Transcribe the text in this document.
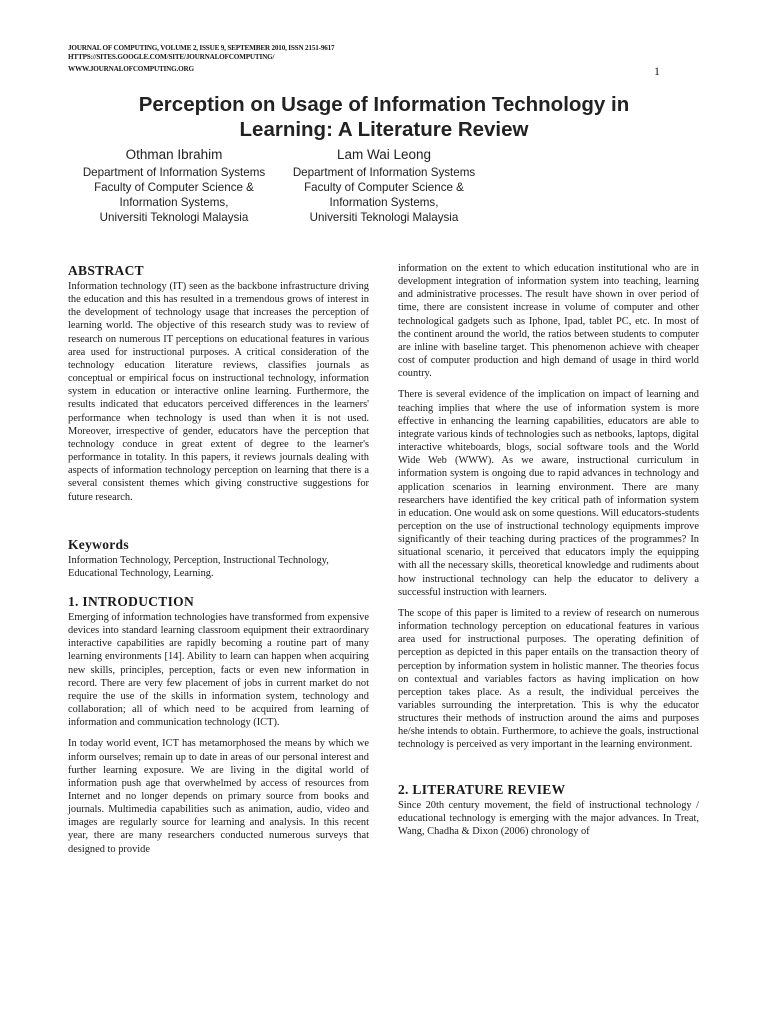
JOURNAL OF COMPUTING, VOLUME 2, ISSUE 9, SEPTEMBER 2010, ISSN 2151-9617
HTTPS://SITES.GOOGLE.COM/SITE/JOURNALOFCOMPUTING/
WWW.JOURNALOFCOMPUTING.ORG	1
Perception on Usage of Information Technology in
Learning: A Literature Review
Othman Ibrahim
Department of Information Systems
Faculty of Computer Science &
Information Systems,
Universiti Teknologi Malaysia
Lam Wai Leong
Department of Information Systems
Faculty of Computer Science &
Information Systems,
Universiti Teknologi Malaysia
ABSTRACT

Information technology (IT) seen as the backbone infrastructure driving the education and this has resulted in a tremendous grows of interest in the development of technology usage that increases the perception of learning world. The objective of this research study was to review of research on numerous IT perceptions on educational features in various area used for instructional purposes. A critical consideration of the technology education literature reviews, classifies journals as conceptual or empirical focus on instructional technology, information system in education or interactive online learning. Furthermore, the results indicated that educators perceived differences in the learners' performance when technology is used than when it is not used. Moreover, irrespective of gender, educators have the perception that technology conduce in great extent of degree to the learner's performance in totality. In this papers, it reviews journals dealing with aspects of information technology perception on learning that there is a several consistent themes which giving constructive suggestions for future research.

Keywords

Information Technology, Perception, Instructional Technology, Educational Technology, Learning.

1. INTRODUCTION

Emerging of information technologies have transformed from expensive devices into standard learning classroom equipment their extraordinary interactive capabilities are rapidly becoming a routine part of many learning environments [14]. Ability to learn can happen when acquiring new skills, principles, perception, facts or even new information in record. There are very few placement of jobs in current market do not require the use of the skills in information system, technology and collaboration; all of which need to be acquired from learning of information and communication technology (ICT).

In today world event, ICT has metamorphosed the means by which we inform ourselves; remain up to date in areas of our personal interest and further learning exposure. We are living in the digital world of information push age that overwhelmed by access of resources from Internet and no longer depends on primary source from books and journals. Multimedia capabilities such as animation, audio, video and images are regularly source for learning and analysis. In this recent year, there are many researchers conducted numerous surveys that designed to provide

information on the extent to which education institutional who are in development integration of information system into teaching, learning and administrative processes. The result have shown in over period of time, there are consistent increase in volume of computer and other technological gadgets such as Iphone, Ipad, tablet PC, etc. In most of the continent around the world, the ratios between students to computer are inline with baseline target. This phenomenon achieve with cheaper cost of computer production and high demand of usage in third world country.

There is several evidence of the implication on impact of learning and teaching implies that where the use of information system is more effective in enhancing the learning capabilities, educators are able to integrate various kinds of technologies such as netbooks, laptops, digital interactive whiteboards, blogs, social software tools and the World Wide Web (WWW). As we aware, instructional curriculum in information system is ongoing due to rapid advances in technology and application scenarios in learning environment. There are many researchers have identified the key critical path of information system in education. One would ask on some questions. Will educators-students perception on the use of instructional technology equipments improve significantly of their teaching during practices of the programmes? In situational scenario, it perceived that educators imply the equipping with all the necessary skills, theoretical knowledge and rudiments about how instructional technology can help the educator to delivery a successful instruction with learners.

The scope of this paper is limited to a review of research on numerous information technology perception on educational features in various area used for instructional purposes. The operating definition of perception as depicted in this paper entails on the transaction theory of perception by information system in holistic manner. The theories focus on contextual and variables factors as having implication on how perception takes place. As a result, the individual perceives the variables surrounding the interpretation. This is why the educator structures their methods of instruction around the aims and purposes he/she intends to obtain. Furthermore, to achieve the goals, instructional technology is perceived as very important in the learning environment.

2. LITERATURE REVIEW

Since 20th century movement, the field of instructional technology / educational technology is emerging with the major advances. In Treat, Wang, Chadha & Dixon (2006) chronology of
